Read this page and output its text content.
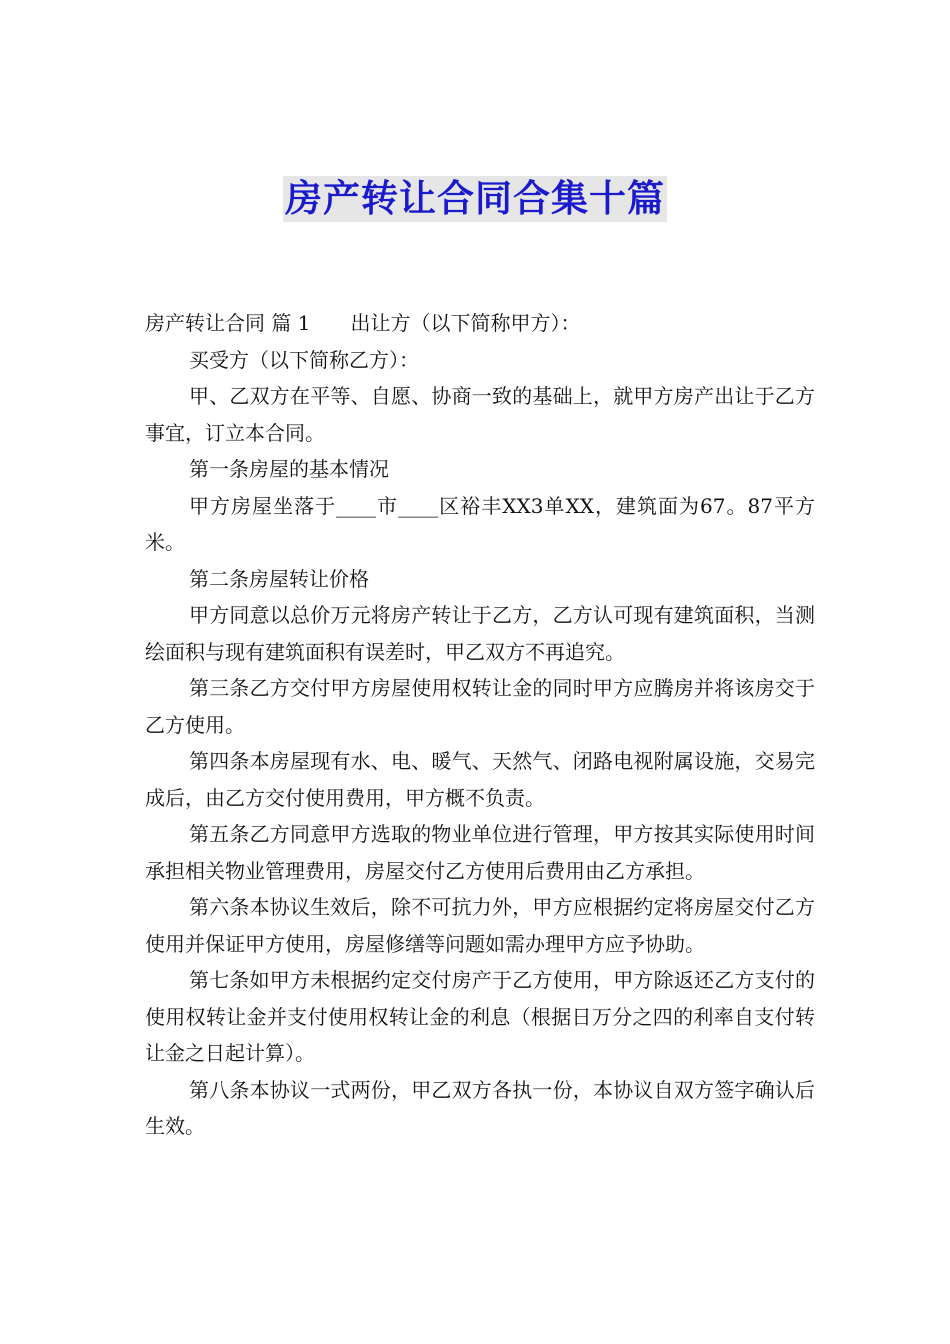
房产转让合同合集十篇

房产转让合同 篇 1 出让方（以下简称甲方）：

买受方（以下简称乙方）：

甲、乙双方在平等、自愿、协商一致的基础上，就甲方房产出让于乙方事宜，订立本合同。

第一条房屋的基本情况

甲方房屋坐落于____市____区裕丰XX3单XX，建筑面为67。87平方米。

第二条房屋转让价格

甲方同意以总价万元将房产转让于乙方，乙方认可现有建筑面积，当测绘面积与现有建筑面积有误差时，甲乙双方不再追究。

第三条乙方交付甲方房屋使用权转让金的同时甲方应腾房并将该房交于乙方使用。

第四条本房屋现有水、电、暖气、天然气、闭路电视附属设施，交易完成后，由乙方交付使用费用，甲方概不负责。

第五条乙方同意甲方选取的物业单位进行管理，甲方按其实际使用时间承担相关物业管理费用，房屋交付乙方使用后费用由乙方承担。

第六条本协议生效后，除不可抗力外，甲方应根据约定将房屋交付乙方使用并保证甲方使用，房屋修缮等问题如需办理甲方应予协助。

第七条如甲方未根据约定交付房产于乙方使用，甲方除返还乙方支付的使用权转让金并支付使用权转让金的利息（根据日万分之四的利率自支付转让金之日起计算）。

第八条本协议一式两份，甲乙双方各执一份，本协议自双方签字确认后生效。
